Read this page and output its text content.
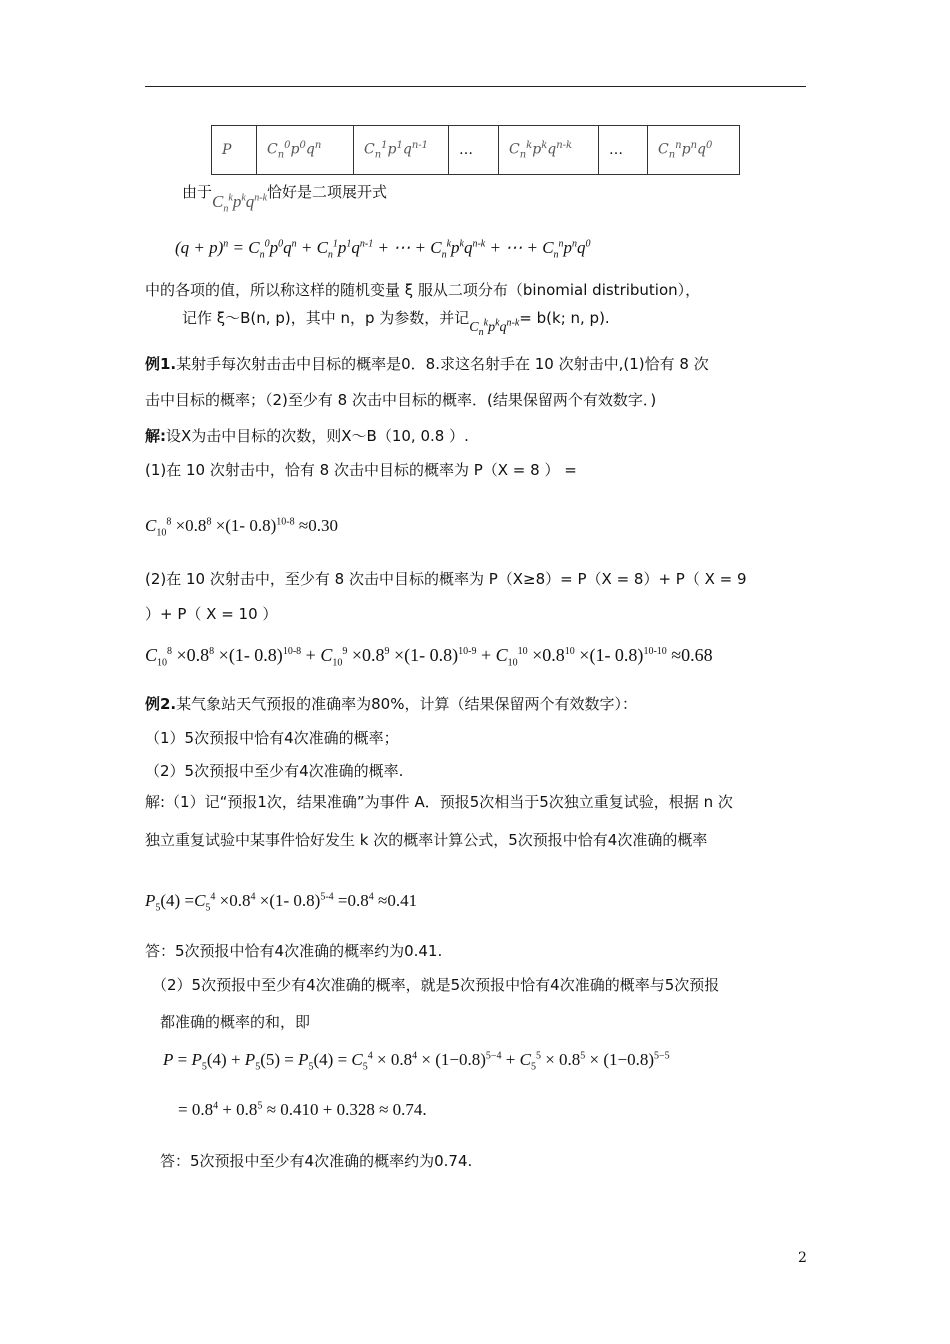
P	$C_n^0p^0q^n$	$C_n^1p^1q^{n-1}$	…	$C_n^kp^kq^{n-k}$	…	$C_n^np^nq^0$
由于$C_n^kp^kq^{n-k}$恰好是二项展开式
$(q + p)^n = C_n^0p^0q^n + C_n^1p^1q^{n-1}$ + ⋯ + $C_n^kp^kq^{n-k}$ + ⋯ + $C_n^np^nq^0$
中的各项的值，所以称这样的随机变量 ξ 服从二项分布（binomial distribution），
记作 ξ～B(n, p)，其中 n，p 为参数，并记$C_n^kp^kq^{n-k}= b(k$; n, p).
例1.某射手每次射击击中目标的概率是0．8.求这名射手在 10 次射击中,(1)恰有 8 次
击中目标的概率；（2)至少有 8 次击中目标的概率．(结果保留两个有效数字．)
解:设X为击中目标的次数，则X～B（10, 0.8 ）.
(1)在 10 次射击中，恰有 8 次击中目标的概率为 P（X = 8 ） =
$C_{10}^8 \times 0.8^8 \times(1-$ 0.8)$^{10-8}$ ≈0.30
(2)在 10 次射击中，至少有 8 次击中目标的概率为 P（X≥8）= P（X = 8）+ P（ X = 9
）+ P（ X = 10 ）
$C_{10}^8 \times 0.8^8 \times(1-$ $0.8)^{10-8} + C_{10}^9 \times 0.8^9 \times(1-$ $0.8)^{10-9} + C_{10}^{10} \times 0.8^{10} \times(1-$ 0.8)$^{10-10}$ ≈0.68
例2.某气象站天气预报的准确率为80%，计算（结果保留两个有效数字）：
（1）5次预报中恰有4次准确的概率；
（2）5次预报中至少有4次准确的概率.
解:（1）记“预报1次，结果准确”为事件 A．预报5次相当于5次独立重复试验，根据 n 次
独立重复试验中某事件恰好发生 k 次的概率计算公式，5次预报中恰有4次准确的概率
$P_5(4) =C_5^4 \times 0.8^4 \times(1-$ $0.8)^{5-4} =0.8^4 \approx 0.41$
答：5次预报中恰有4次准确的概率约为0.41.
（2）5次预报中至少有4次准确的概率，就是5次预报中恰有4次准确的概率与5次预报
都准确的概率的和，即
$P = P_5(4) + P_5(5) = P_5(4) = C_5^4 \times 0.8^4 \times (1-0.8)^{5-4} + C_5^5 \times 0.8^5 \times (1-0.8)^{5-5}$
= $0.8^4 + 0.8^5 \approx 0.410 + 0.328 \approx 0.74$.
答：5次预报中至少有4次准确的概率约为0.74.
2
